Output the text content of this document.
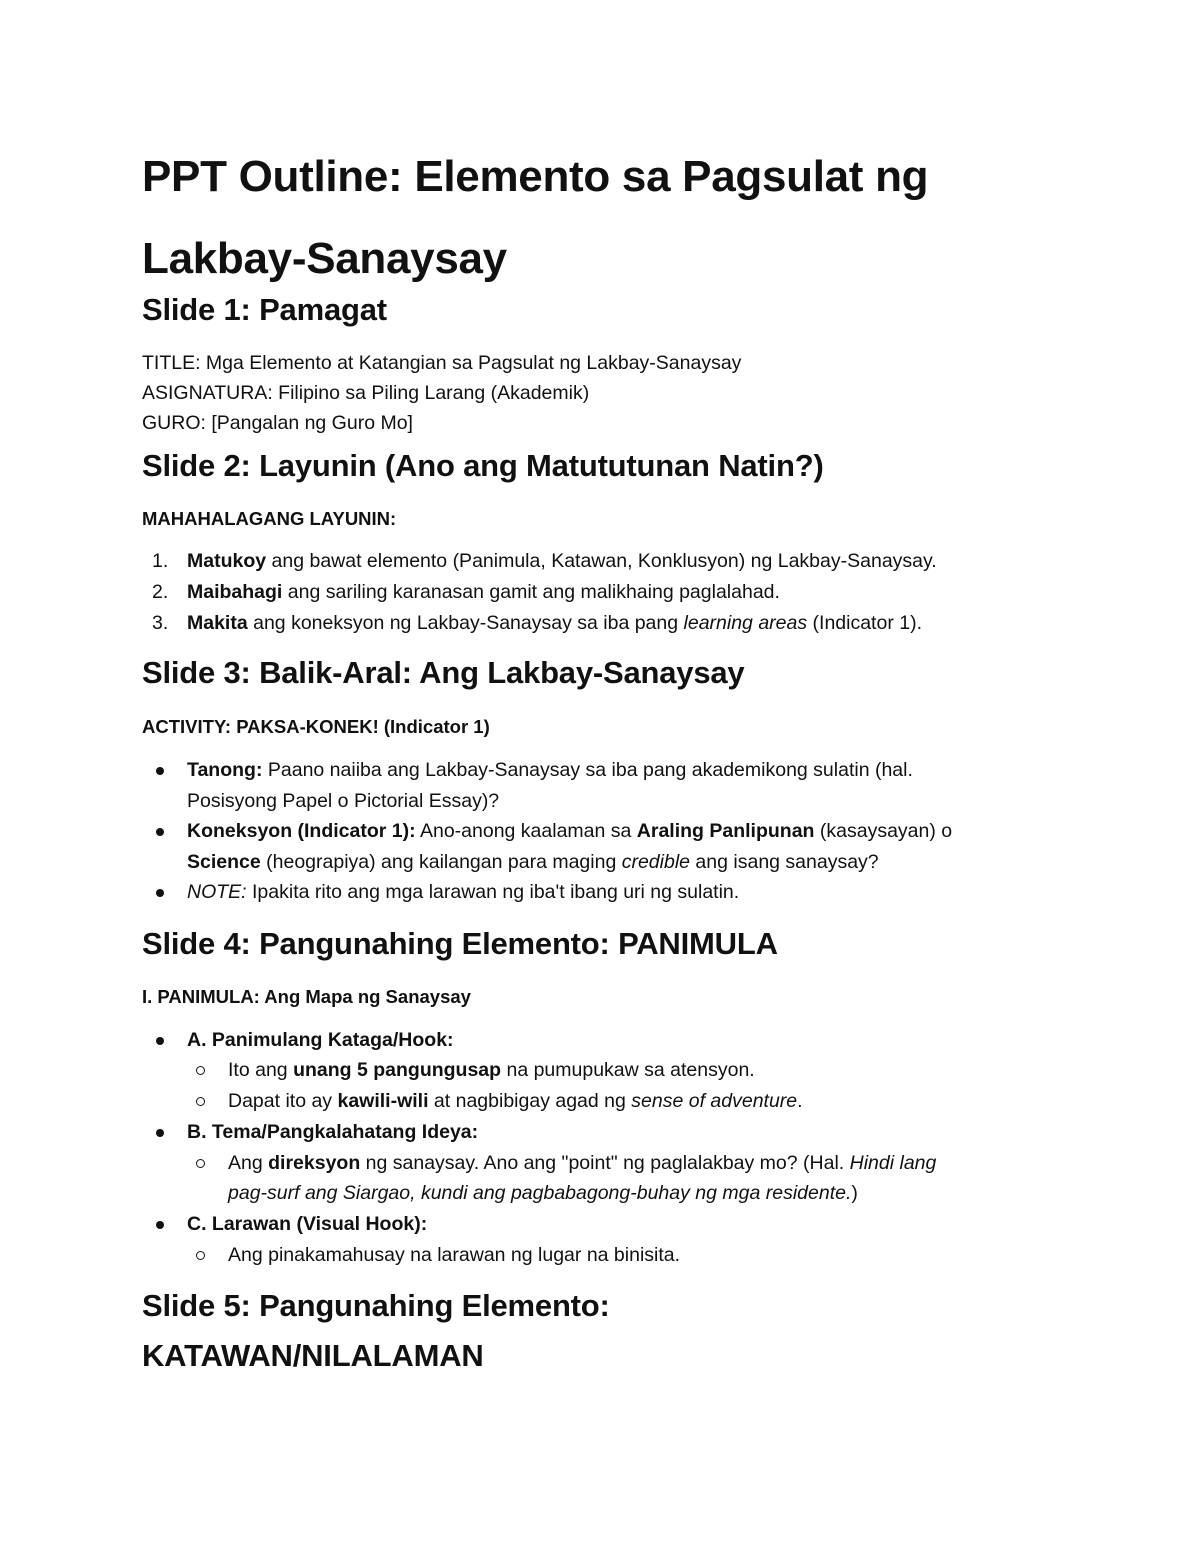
PPT Outline: Elemento sa Pagsulat ng Lakbay-Sanaysay
Slide 1: Pamagat

TITLE: Mga Elemento at Katangian sa Pagsulat ng Lakbay-Sanaysay

ASIGNATURA: Filipino sa Piling Larang (Akademik)

GURO: [Pangalan ng Guro Mo]

Slide 2: Layunin (Ano ang Matututunan Natin?)

MAHAHALAGANG LAYUNIN:

1. Matukoy ang bawat elemento (Panimula, Katawan, Konklusyon) ng Lakbay-Sanaysay.
2. Maibahagi ang sariling karanasan gamit ang malikhaing paglalahad.
3. Makita ang koneksyon ng Lakbay-Sanaysay sa iba pang learning areas (Indicator 1).
Slide 3: Balik-Aral: Ang Lakbay-Sanaysay

ACTIVITY: PAKSA-KONEK! (Indicator 1)

Tanong: Paano naiiba ang Lakbay-Sanaysay sa iba pang akademikong sulatin (hal.
Posisyong Papel o Pictorial Essay)?
Koneksyon (Indicator 1): Ano-anong kaalaman sa Araling Panlipunan (kasaysayan) o
Science (heograpiya) ang kailangan para maging credible ang isang sanaysay?
NOTE: Ipakita rito ang mga larawan ng iba't ibang uri ng sulatin.
Slide 4: Pangunahing Elemento: PANIMULA

I. PANIMULA: Ang Mapa ng Sanaysay

A. Panimulang Kataga/Hook:
Ito ang unang 5 pangungusap na pumupukaw sa atensyon.
Dapat ito ay kawili-wili at nagbibigay agad ng sense of adventure.
B. Tema/Pangkalahatang Ideya:
Ang direksyon ng sanaysay. Ano ang "point" ng paglalakbay mo? (Hal. Hindi lang
pag-surf ang Siargao, kundi ang pagbabagong-buhay ng mga residente.)
C. Larawan (Visual Hook):
Ang pinakamahusay na larawan ng lugar na binisita.
Slide 5: Pangunahing Elemento:
KATAWAN/NILALAMAN
